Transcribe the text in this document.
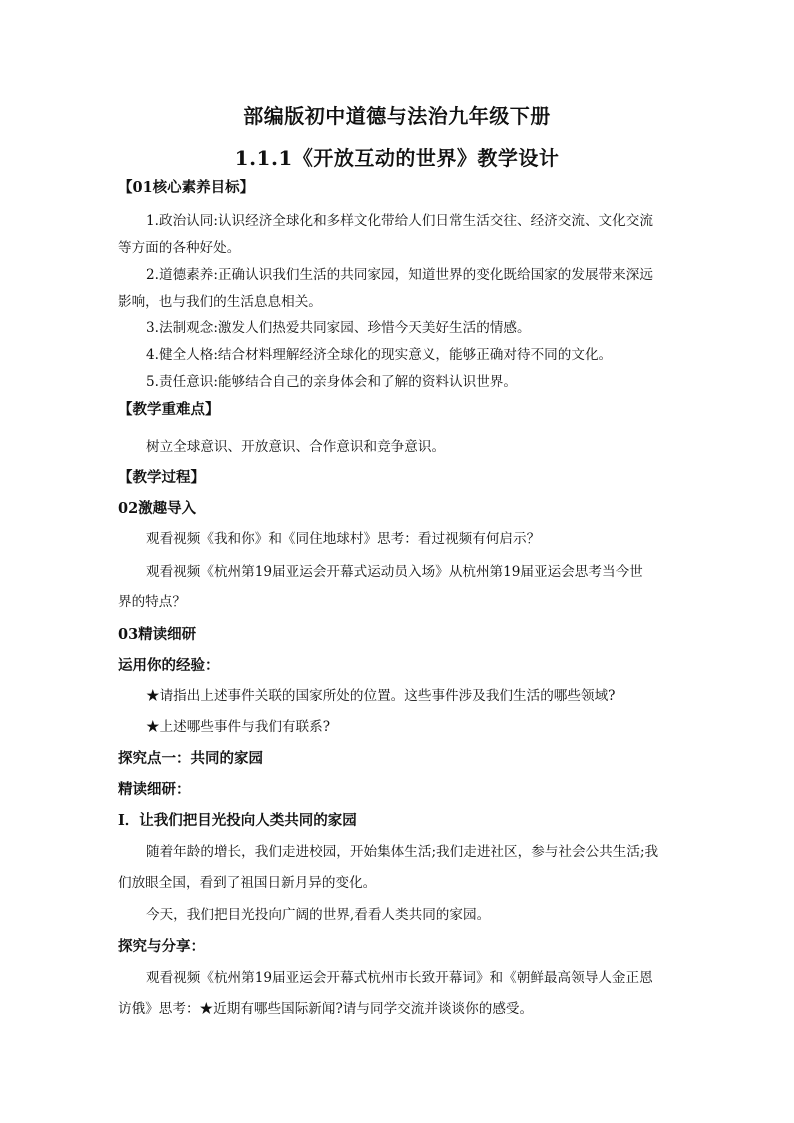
部编版初中道德与法治九年级下册
1.1.1《开放互动的世界》教学设计
【01核心素养目标】
1.政治认同:认识经济全球化和多样文化带给人们日常生活交往、经济交流、文化交流
等方面的各种好处。
2.道德素养:正确认识我们生活的共同家园，知道世界的变化既给国家的发展带来深远
影响，也与我们的生活息息相关。
3.法制观念:激发人们热爱共同家园、珍惜今天美好生活的情感。
4.健全人格:结合材料理解经济全球化的现实意义，能够正确对待不同的文化。
5.责任意识:能够结合自己的亲身体会和了解的资料认识世界。
【教学重难点】
树立全球意识、开放意识、合作意识和竞争意识。
【教学过程】
02激趣导入
观看视频《我和你》和《同住地球村》思考：看过视频有何启示？
观看视频《杭州第19届亚运会开幕式运动员入场》从杭州第19届亚运会思考当今世
界的特点？
03精读细研
运用你的经验：
★请指出上述事件关联的国家所处的位置。这些事件涉及我们生活的哪些领域?
★上述哪些事件与我们有联系?
探究点一：共同的家园
精读细研：
Ⅰ．让我们把目光投向人类共同的家园
随着年龄的增长，我们走进校园，开始集体生活;我们走进社区，参与社会公共生活;我
们放眼全国，看到了祖国日新月异的变化。
今天，我们把目光投向广阔的世界,看看人类共同的家园。
探究与分享：
观看视频《杭州第19届亚运会开幕式杭州市长致开幕词》和《朝鲜最高领导人金正恩
访俄》思考：★近期有哪些国际新闻?请与同学交流并谈谈你的感受。
